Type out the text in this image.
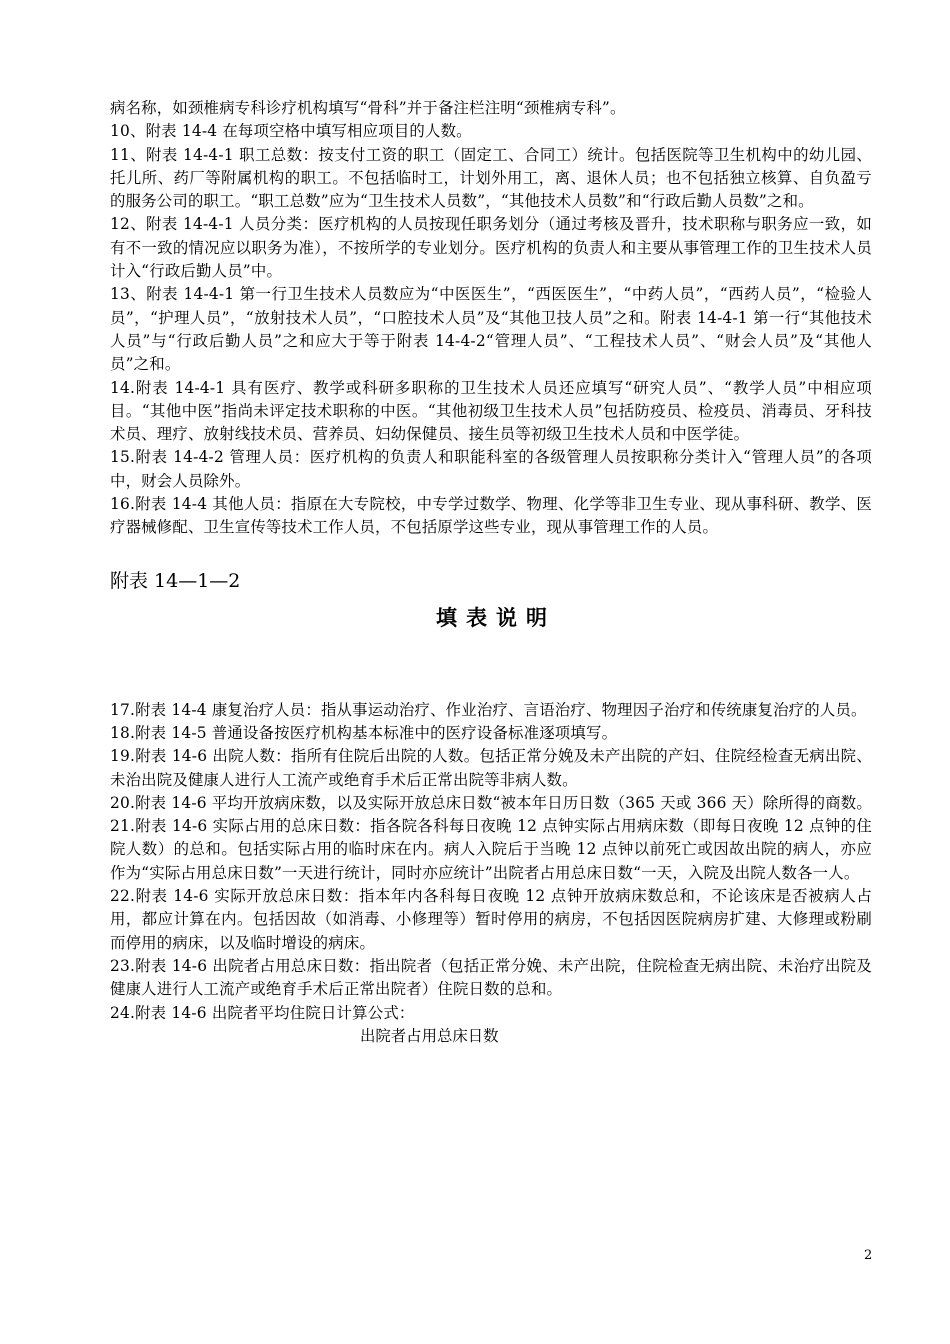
病名称，如颈椎病专科诊疗机构填写“骨科”并于备注栏注明“颈椎病专科”。

10、附表 14-4 在每项空格中填写相应项目的人数。

11、附表 14-4-1 职工总数：按支付工资的职工（固定工、合同工）统计。包括医院等卫生机构中的幼儿园、托儿所、药厂等附属机构的职工。不包括临时工，计划外用工，离、退休人员；也不包括独立核算、自负盈亏的服务公司的职工。“职工总数”应为“卫生技术人员数”，“其他技术人员数”和“行政后勤人员数”之和。

12、附表 14-4-1 人员分类：医疗机构的人员按现任职务划分（通过考核及晋升，技术职称与职务应一致，如有不一致的情况应以职务为准），不按所学的专业划分。医疗机构的负责人和主要从事管理工作的卫生技术人员计入“行政后勤人员”中。

13、附表 14-4-1 第一行卫生技术人员数应为“中医医生”，“西医医生”，“中药人员”，“西药人员”，“检验人员”，“护理人员”，“放射技术人员”，“口腔技术人员”及“其他卫技人员”之和。附表 14-4-1 第一行“其他技术人员”与“行政后勤人员”之和应大于等于附表 14-4-2“管理人员”、“工程技术人员”、“财会人员”及“其他人员”之和。

14.附表 14-4-1 具有医疗、教学或科研多职称的卫生技术人员还应填写“研究人员”、“教学人员”中相应项目。“其他中医”指尚未评定技术职称的中医。“其他初级卫生技术人员”包括防疫员、检疫员、消毒员、牙科技术员、理疗、放射线技术员、营养员、妇幼保健员、接生员等初级卫生技术人员和中医学徒。

15.附表 14-4-2 管理人员：医疗机构的负责人和职能科室的各级管理人员按职称分类计入“管理人员”的各项中，财会人员除外。

16.附表 14-4 其他人员：指原在大专院校，中专学过数学、物理、化学等非卫生专业、现从事科研、教学、医疗器械修配、卫生宣传等技术工作人员，不包括原学这些专业，现从事管理工作的人员。

附表 14—1—2
填表说明

17.附表 14-4 康复治疗人员：指从事运动治疗、作业治疗、言语治疗、物理因子治疗和传统康复治疗的人员。

18.附表 14-5 普通设备按医疗机构基本标准中的医疗设备标准逐项填写。

19.附表 14-6 出院人数：指所有住院后出院的人数。包括正常分娩及未产出院的产妇、住院经检查无病出院、未治出院及健康人进行人工流产或绝育手术后正常出院等非病人数。

20.附表 14-6 平均开放病床数，以及实际开放总床日数“被本年日历日数（365 天或 366 天）除所得的商数。

21.附表 14-6 实际占用的总床日数：指各院各科每日夜晚 12 点钟实际占用病床数（即每日夜晚 12 点钟的住院人数）的总和。包括实际占用的临时床在内。病人入院后于当晚 12 点钟以前死亡或因故出院的病人，亦应作为“实际占用总床日数”一天进行统计，同时亦应统计”出院者占用总床日数“一天，入院及出院人数各一人。

22.附表 14-6 实际开放总床日数：指本年内各科每日夜晚 12 点钟开放病床数总和，不论该床是否被病人占用，都应计算在内。包括因故（如消毒、小修理等）暂时停用的病房，不包括因医院病房扩建、大修理或粉刷而停用的病床，以及临时增设的病床。

23.附表 14-6 出院者占用总床日数：指出院者（包括正常分娩、未产出院，住院检查无病出院、未治疗出院及健康人进行人工流产或绝育手术后正常出院者）住院日数的总和。

24.附表 14-6 出院者平均住院日计算公式：

出院者占用总床日数

2
